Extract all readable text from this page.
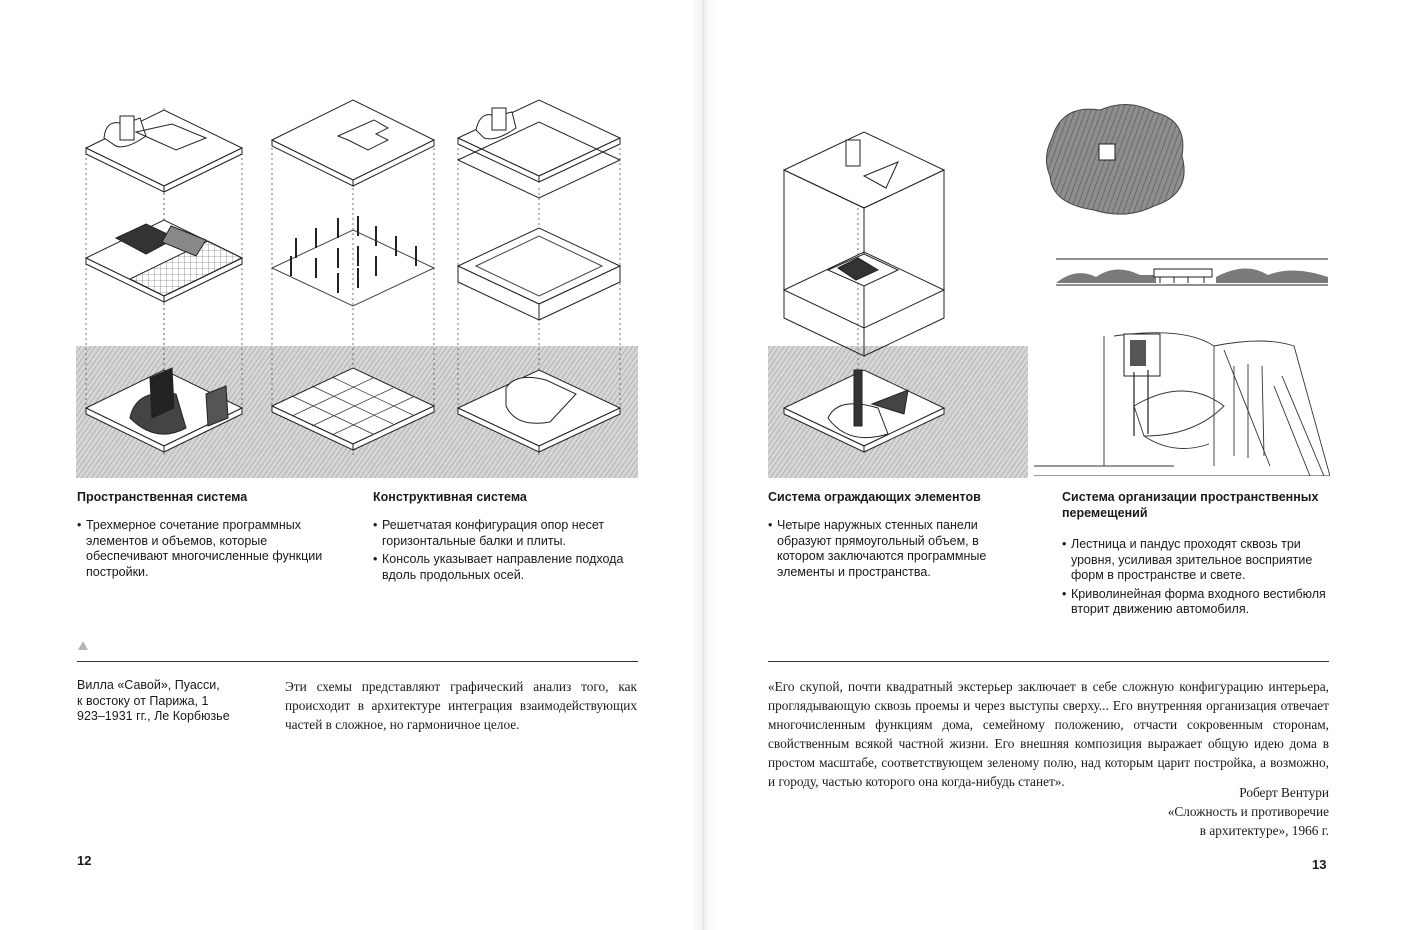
Пространственная система
• Трехмерное сочетание программных элементов и объемов, которые обеспечивают многочисленные функции постройки.
Конструктивная система
• Решетчатая конфигурация опор несет горизонтальные балки и плиты.
• Консоль указывает направление подхода вдоль продольных осей.
Вилла «Савой», Пуасси,
к востоку от Парижа, 1
923–1931 гг., Ле Корбюзье
Эти схемы представляют графический анализ того, как происходит в архитектуре интеграция взаимодействующих частей в сложное, но гармоничное целое.
12
Система ограждающих элементов
• Четыре наружных стенных панели образуют прямоугольный объем, в котором заключаются программные элементы и пространства.
Система организации пространственных перемещений
• Лестница и пандус проходят сквозь три уровня, усиливая зрительное восприятие форм в пространстве и свете.
• Криволинейная форма входного вестибюля вторит движению автомобиля.
«Его скупой, почти квадратный экстерьер заключает в себе сложную конфигурацию интерьера, проглядывающую сквозь проемы и через выступы сверху... Его внутренняя организация отвечает многочисленным функциям дома, семейному положению, отчасти сокровенным сторонам, свойственным всякой частной жизни. Его внешняя композиция выражает общую идею дома в простом масштабе, соответствующем зеленому полю, над которым царит постройка, а возможно, и городу, частью которого она когда-нибудь станет».
Роберт Вентури
«Сложность и противоречие
в архитектуре», 1966 г.
13
